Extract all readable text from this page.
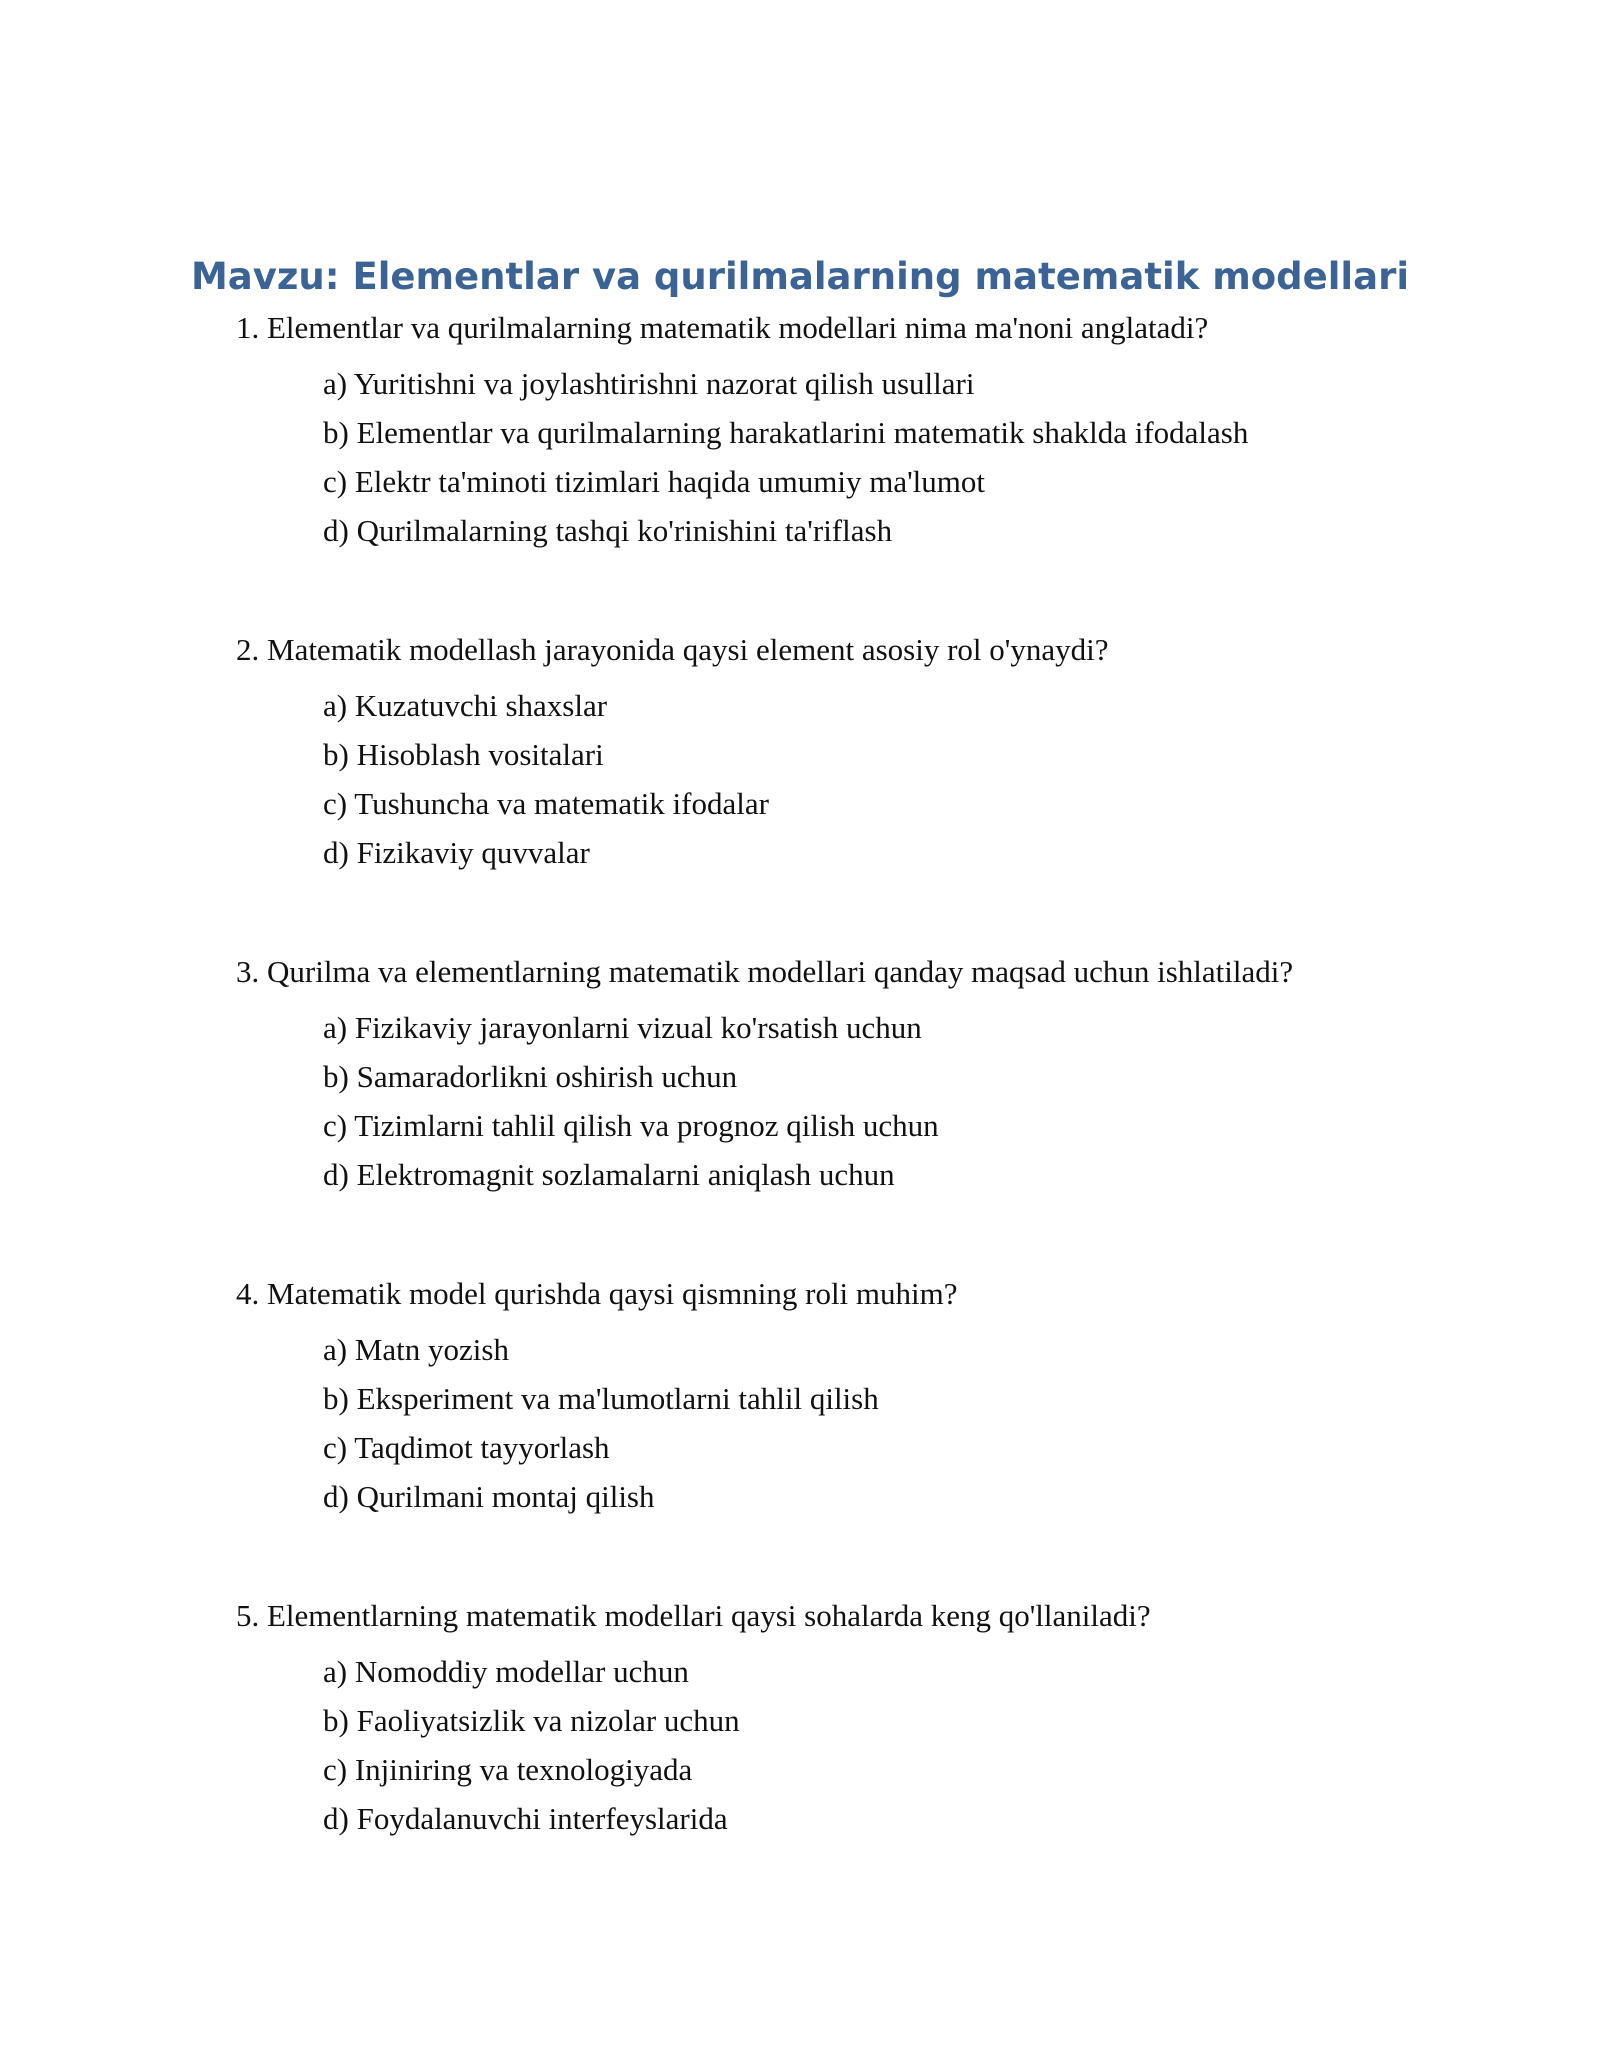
Mavzu: Elementlar va qurilmalarning matematik modellari

1. Elementlar va qurilmalarning matematik modellari nima ma'noni anglatadi?

a) Yuritishni va joylashtirishni nazorat qilish usullari

b) Elementlar va qurilmalarning harakatlarini matematik shaklda ifodalash

c) Elektr ta'minoti tizimlari haqida umumiy ma'lumot

d) Qurilmalarning tashqi ko'rinishini ta'riflash

2. Matematik modellash jarayonida qaysi element asosiy rol o'ynaydi?

a) Kuzatuvchi shaxslar

b) Hisoblash vositalari

c) Tushuncha va matematik ifodalar

d) Fizikaviy quvvalar

3. Qurilma va elementlarning matematik modellari qanday maqsad uchun ishlatiladi?

a) Fizikaviy jarayonlarni vizual ko'rsatish uchun

b) Samaradorlikni oshirish uchun

c) Tizimlarni tahlil qilish va prognoz qilish uchun

d) Elektromagnit sozlamalarni aniqlash uchun

4. Matematik model qurishda qaysi qismning roli muhim?

a) Matn yozish

b) Eksperiment va ma'lumotlarni tahlil qilish

c) Taqdimot tayyorlash

d) Qurilmani montaj qilish

5. Elementlarning matematik modellari qaysi sohalarda keng qo'llaniladi?

a) Nomoddiy modellar uchun

b) Faoliyatsizlik va nizolar uchun

c) Injiniring va texnologiyada

d) Foydalanuvchi interfeyslarida
